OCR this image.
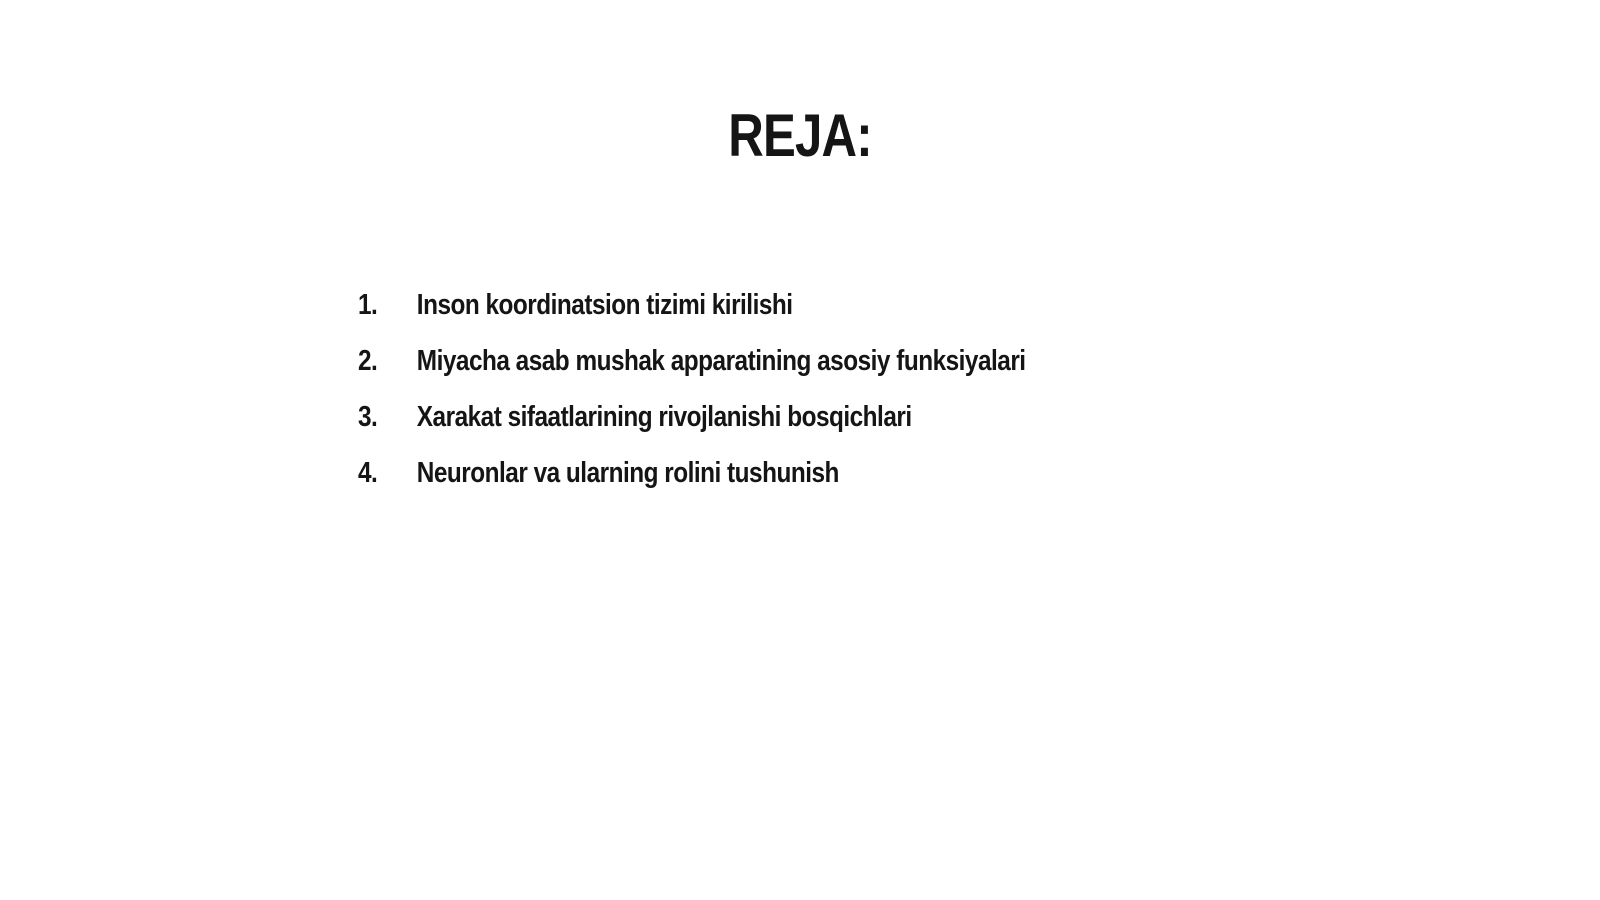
REJA:
1.	Inson koordinatsion tizimi kirilishi
2.	Miyacha asab mushak apparatining asosiy funksiyalari
3.	Xarakat sifaatlarining rivojlanishi bosqichlari
4.	Neuronlar va ularning rolini tushunish
